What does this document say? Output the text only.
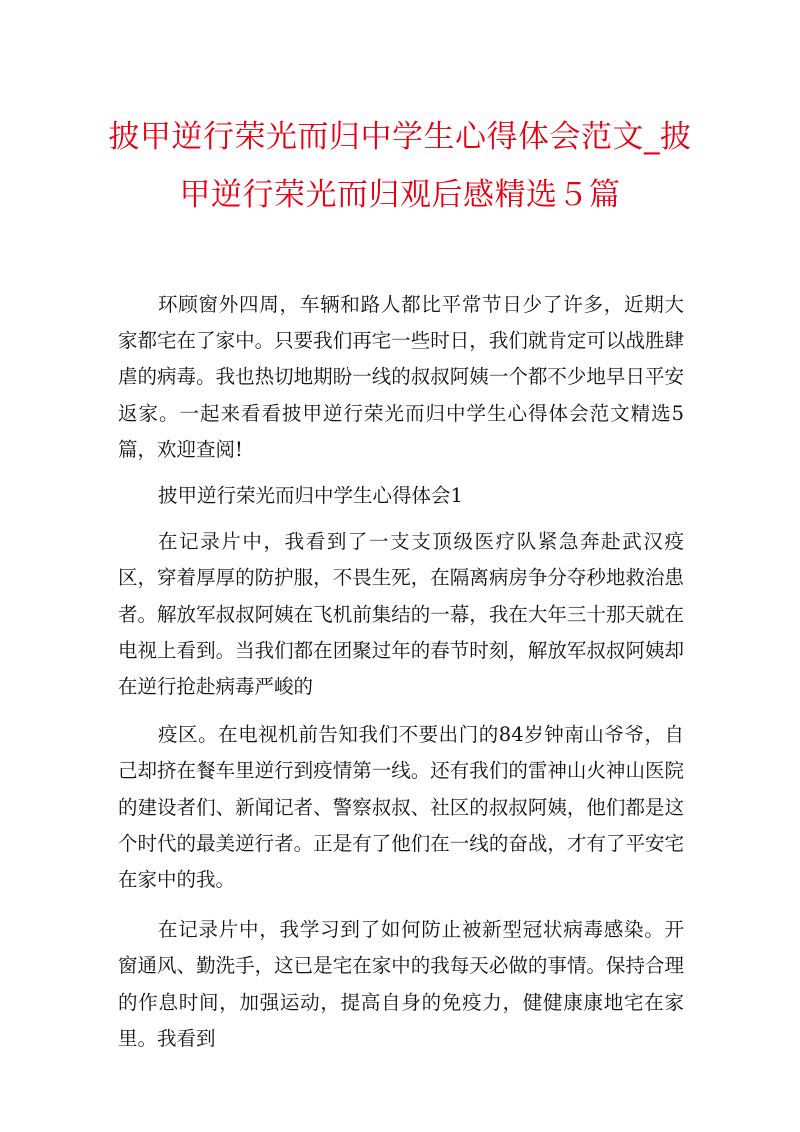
披甲逆行荣光而归中学生心得体会范文_披
甲逆行荣光而归观后感精选５篇

环顾窗外四周，车辆和路人都比平常节日少了许多，近期大家都宅在了家中。只要我们再宅一些时日，我们就肯定可以战胜肆虐的病毒。我也热切地期盼一线的叔叔阿姨一个都不少地早日平安返家。一起来看看披甲逆行荣光而归中学生心得体会范文精选5篇，欢迎查阅!

披甲逆行荣光而归中学生心得体会1

在记录片中，我看到了一支支顶级医疗队紧急奔赴武汉疫区，穿着厚厚的防护服，不畏生死，在隔离病房争分夺秒地救治患者。解放军叔叔阿姨在飞机前集结的一幕，我在大年三十那天就在电视上看到。当我们都在团聚过年的春节时刻，解放军叔叔阿姨却在逆行抢赴病毒严峻的

疫区。在电视机前告知我们不要出门的84岁钟南山爷爷，自己却挤在餐车里逆行到疫情第一线。还有我们的雷神山火神山医院的建设者们、新闻记者、警察叔叔、社区的叔叔阿姨，他们都是这个时代的最美逆行者。正是有了他们在一线的奋战，才有了平安宅在家中的我。

在记录片中，我学习到了如何防止被新型冠状病毒感染。开窗通风、勤洗手，这已是宅在家中的我每天必做的事情。保持合理的作息时间，加强运动，提高自身的免疫力，健健康康地宅在家里。我看到
